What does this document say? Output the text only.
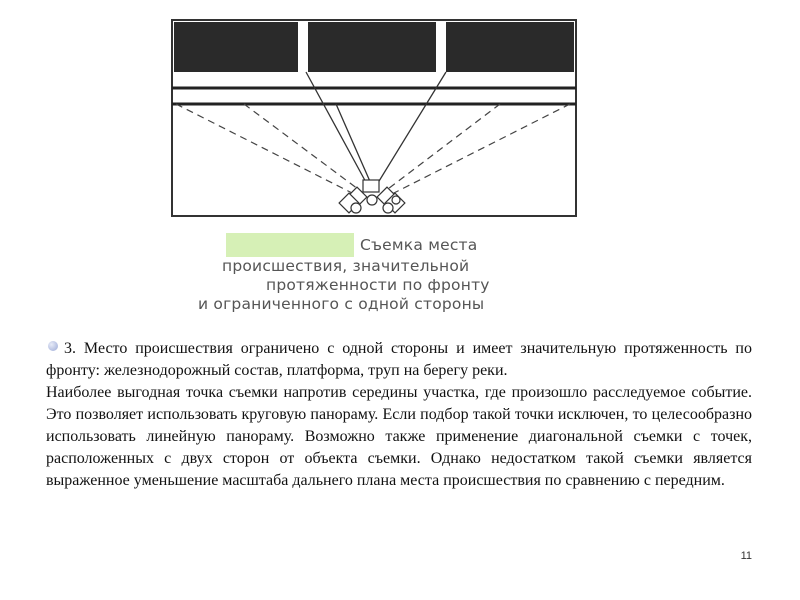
Съемка места
происшествия, значительной
протяженности по фронту
и ограниченного с одной стороны

3. Место происшествия ограничено с одной стороны и имеет значительную протяженность по фронту: железнодорожный состав, платформа, труп на берегу реки.

Наиболее выгодная точка съемки напротив середины участка, где произошло расследуемое событие. Это позволяет использовать круговую панораму. Если подбор такой точки исключен, то целесообразно использовать линейную панораму. Возможно также применение диагональной съемки с точек, расположенных с двух сторон от объекта съемки. Однако недостатком такой съемки является выраженное уменьшение масштаба дальнего плана места происшествия по сравнению с передним.

11
